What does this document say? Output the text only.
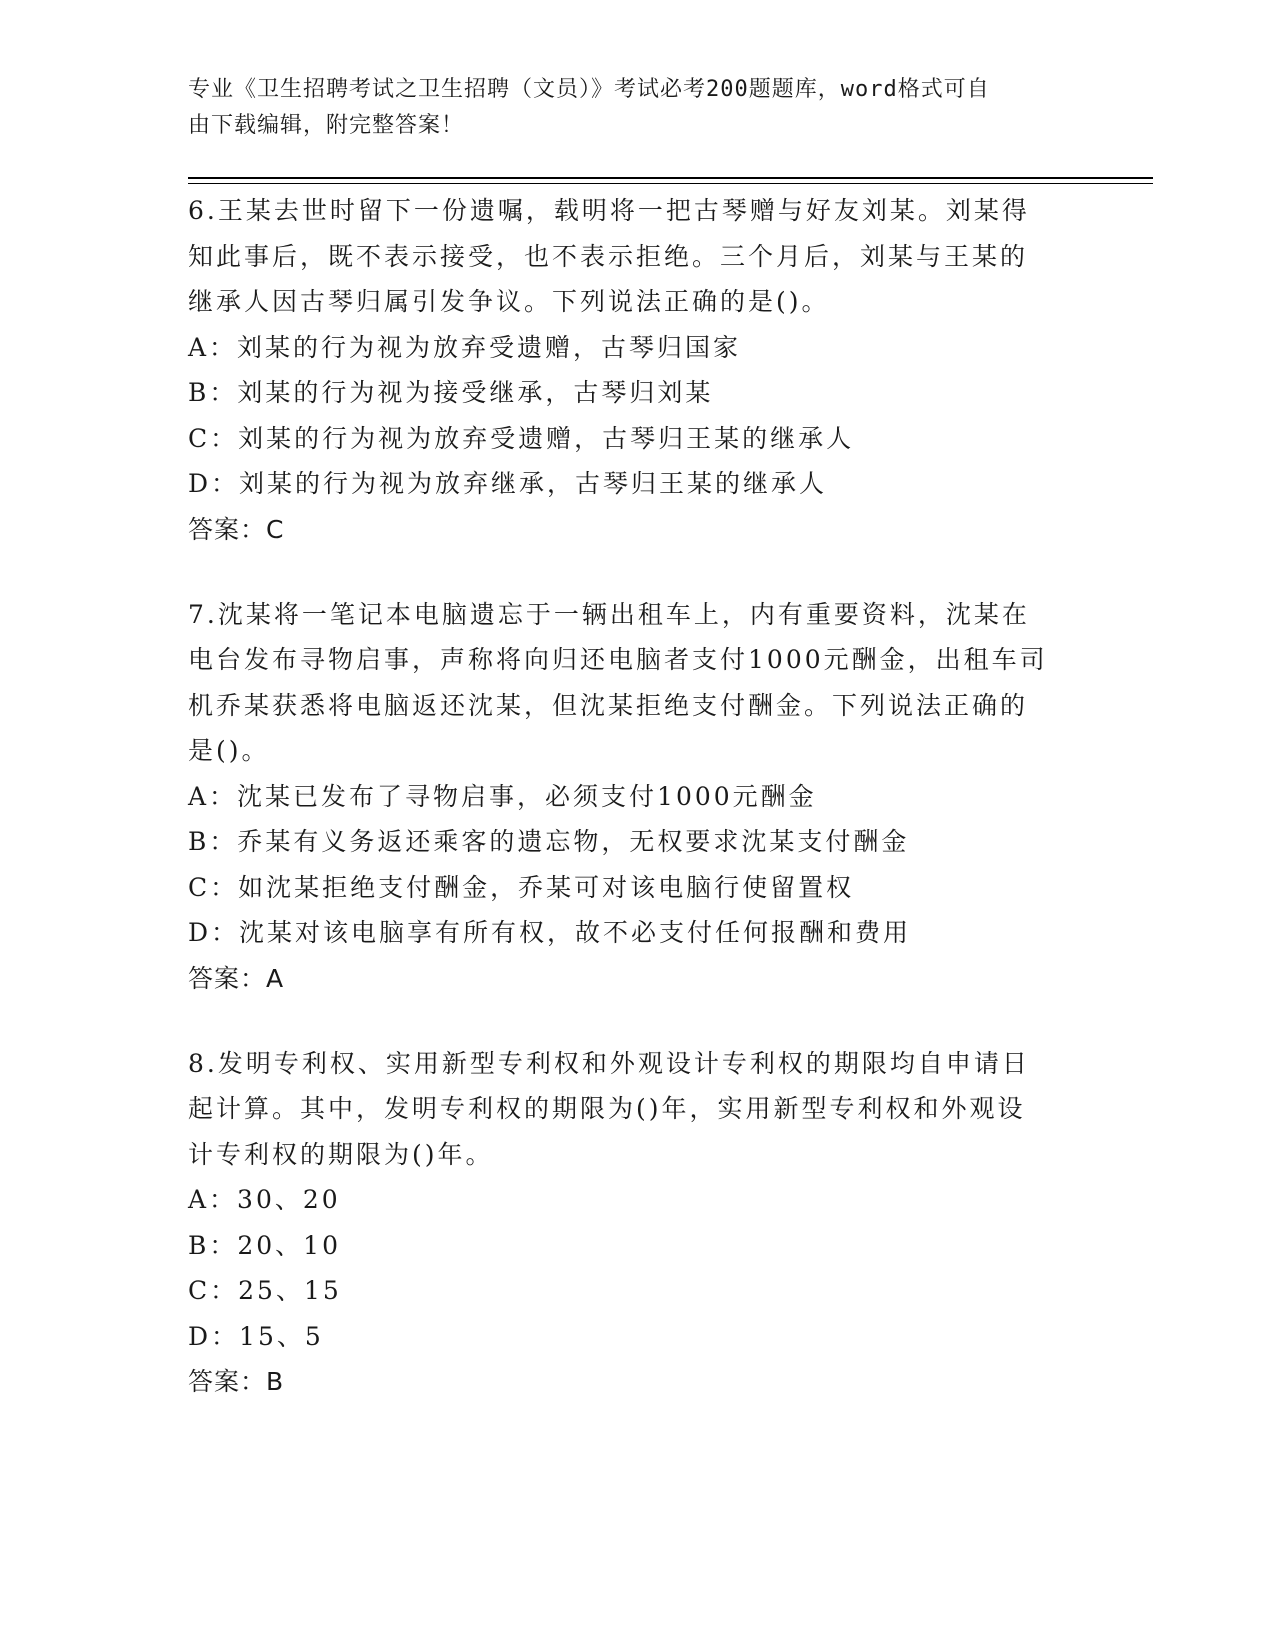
专业《卫生招聘考试之卫生招聘（文员）》考试必考200题题库，word格式可自
由下载编辑，附完整答案！
6.王某去世时留下一份遗嘱，载明将一把古琴赠与好友刘某。刘某得
知此事后，既不表示接受，也不表示拒绝。三个月后，刘某与王某的
继承人因古琴归属引发争议。下列说法正确的是()。
A：刘某的行为视为放弃受遗赠，古琴归国家
B：刘某的行为视为接受继承，古琴归刘某
C：刘某的行为视为放弃受遗赠，古琴归王某的继承人
D：刘某的行为视为放弃继承，古琴归王某的继承人
答案：C
7.沈某将一笔记本电脑遗忘于一辆出租车上，内有重要资料，沈某在
电台发布寻物启事，声称将向归还电脑者支付1000元酬金，出租车司
机乔某获悉将电脑返还沈某，但沈某拒绝支付酬金。下列说法正确的
是()。
A：沈某已发布了寻物启事，必须支付1000元酬金
B：乔某有义务返还乘客的遗忘物，无权要求沈某支付酬金
C：如沈某拒绝支付酬金，乔某可对该电脑行使留置权
D：沈某对该电脑享有所有权，故不必支付任何报酬和费用
答案：A
8.发明专利权、实用新型专利权和外观设计专利权的期限均自申请日
起计算。其中，发明专利权的期限为()年，实用新型专利权和外观设
计专利权的期限为()年。
A：30、20
B：20、10
C：25、15
D：15、5
答案：B
